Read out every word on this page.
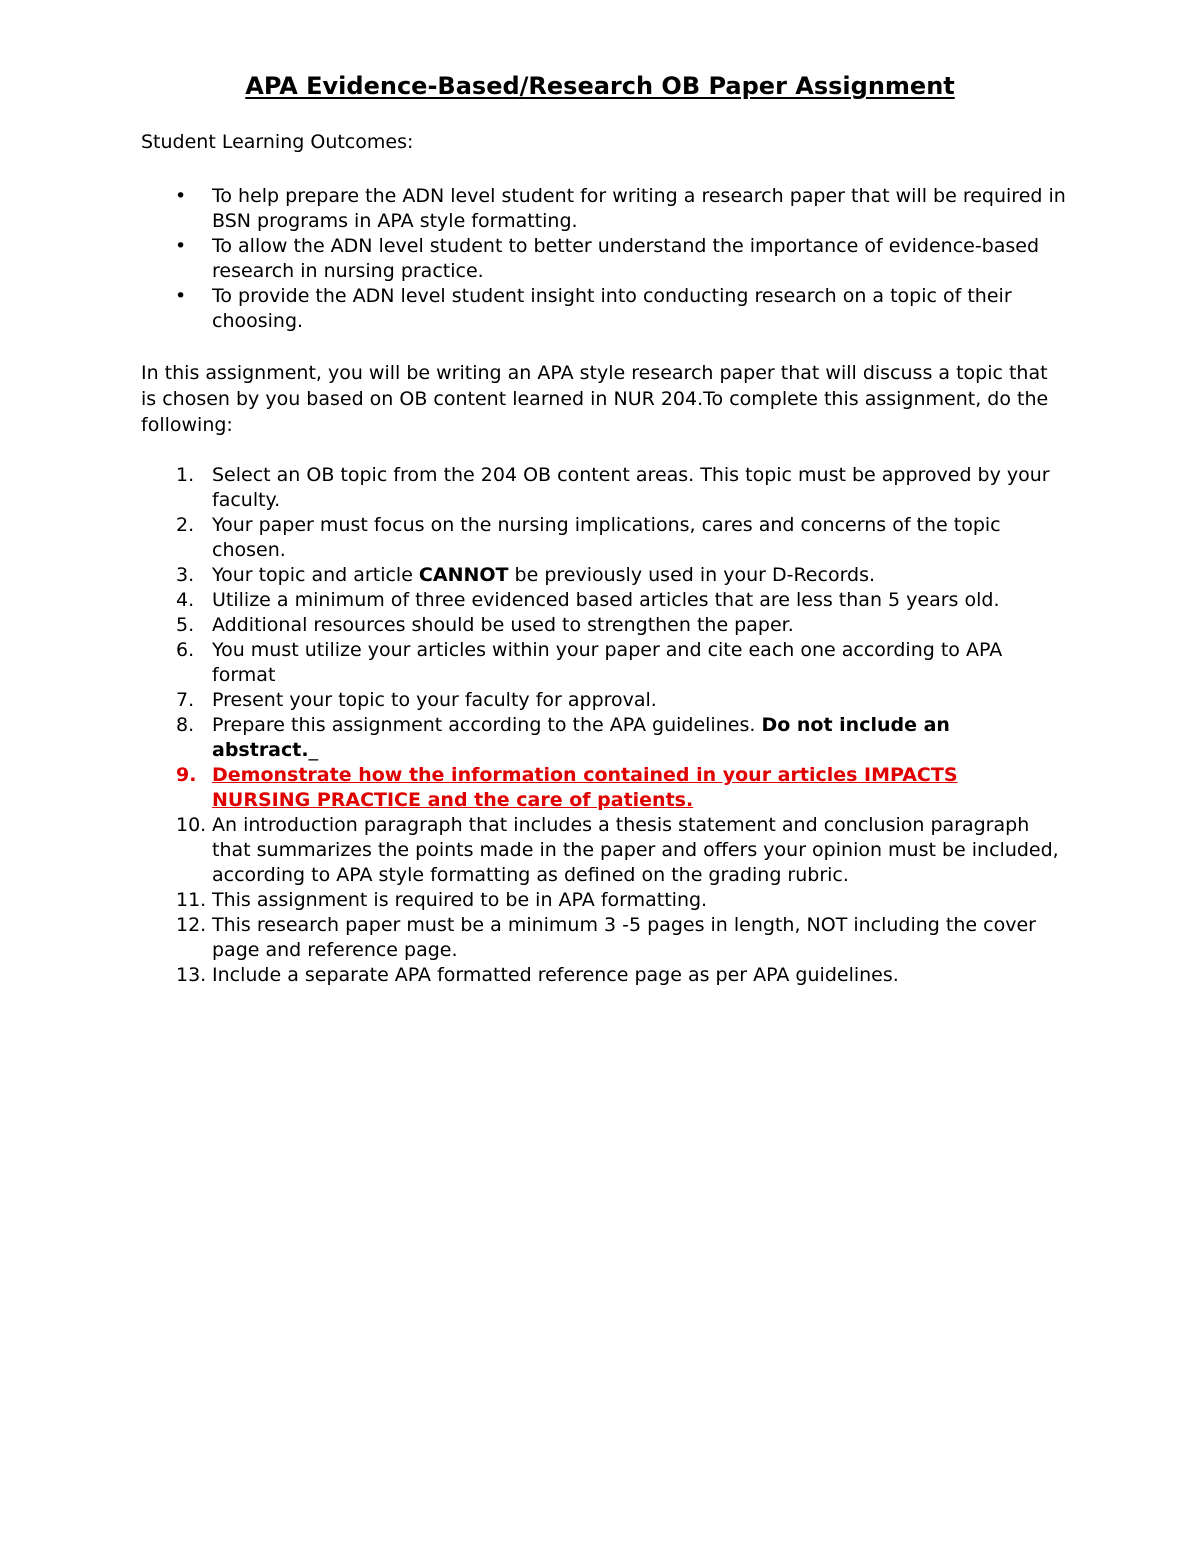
APA Evidence-Based/Research OB Paper Assignment
Student Learning Outcomes:
• To help prepare the ADN level student for writing a research paper that will be required in BSN programs in APA style formatting.
• To allow the ADN level student to better understand the importance of evidence-based research in nursing practice.
• To provide the ADN level student insight into conducting research on a topic of their choosing.

In this assignment, you will be writing an APA style research paper that will discuss a topic that is chosen by you based on OB content learned in NUR 204.To complete this assignment, do the following:

1. Select an OB topic from the 204 OB content areas. This topic must be approved by your faculty.
2. Your paper must focus on the nursing implications, cares and concerns of the topic chosen.
3. Your topic and article CANNOT be previously used in your D-Records.
4. Utilize a minimum of three evidenced based articles that are less than 5 years old.
5. Additional resources should be used to strengthen the paper.
6. You must utilize your articles within your paper and cite each one according to APA format
7. Present your topic to your faculty for approval.
8. Prepare this assignment according to the APA guidelines. Do not include an abstract._
9. Demonstrate how the information contained in your articles IMPACTS NURSING PRACTICE and the care of patients.
10. An introduction paragraph that includes a thesis statement and conclusion paragraph that summarizes the points made in the paper and offers your opinion must be included, according to APA style formatting as defined on the grading rubric.
11. This assignment is required to be in APA formatting.
12. This research paper must be a minimum 3 -5 pages in length, NOT including the cover page and reference page.
13. Include a separate APA formatted reference page as per APA guidelines.
